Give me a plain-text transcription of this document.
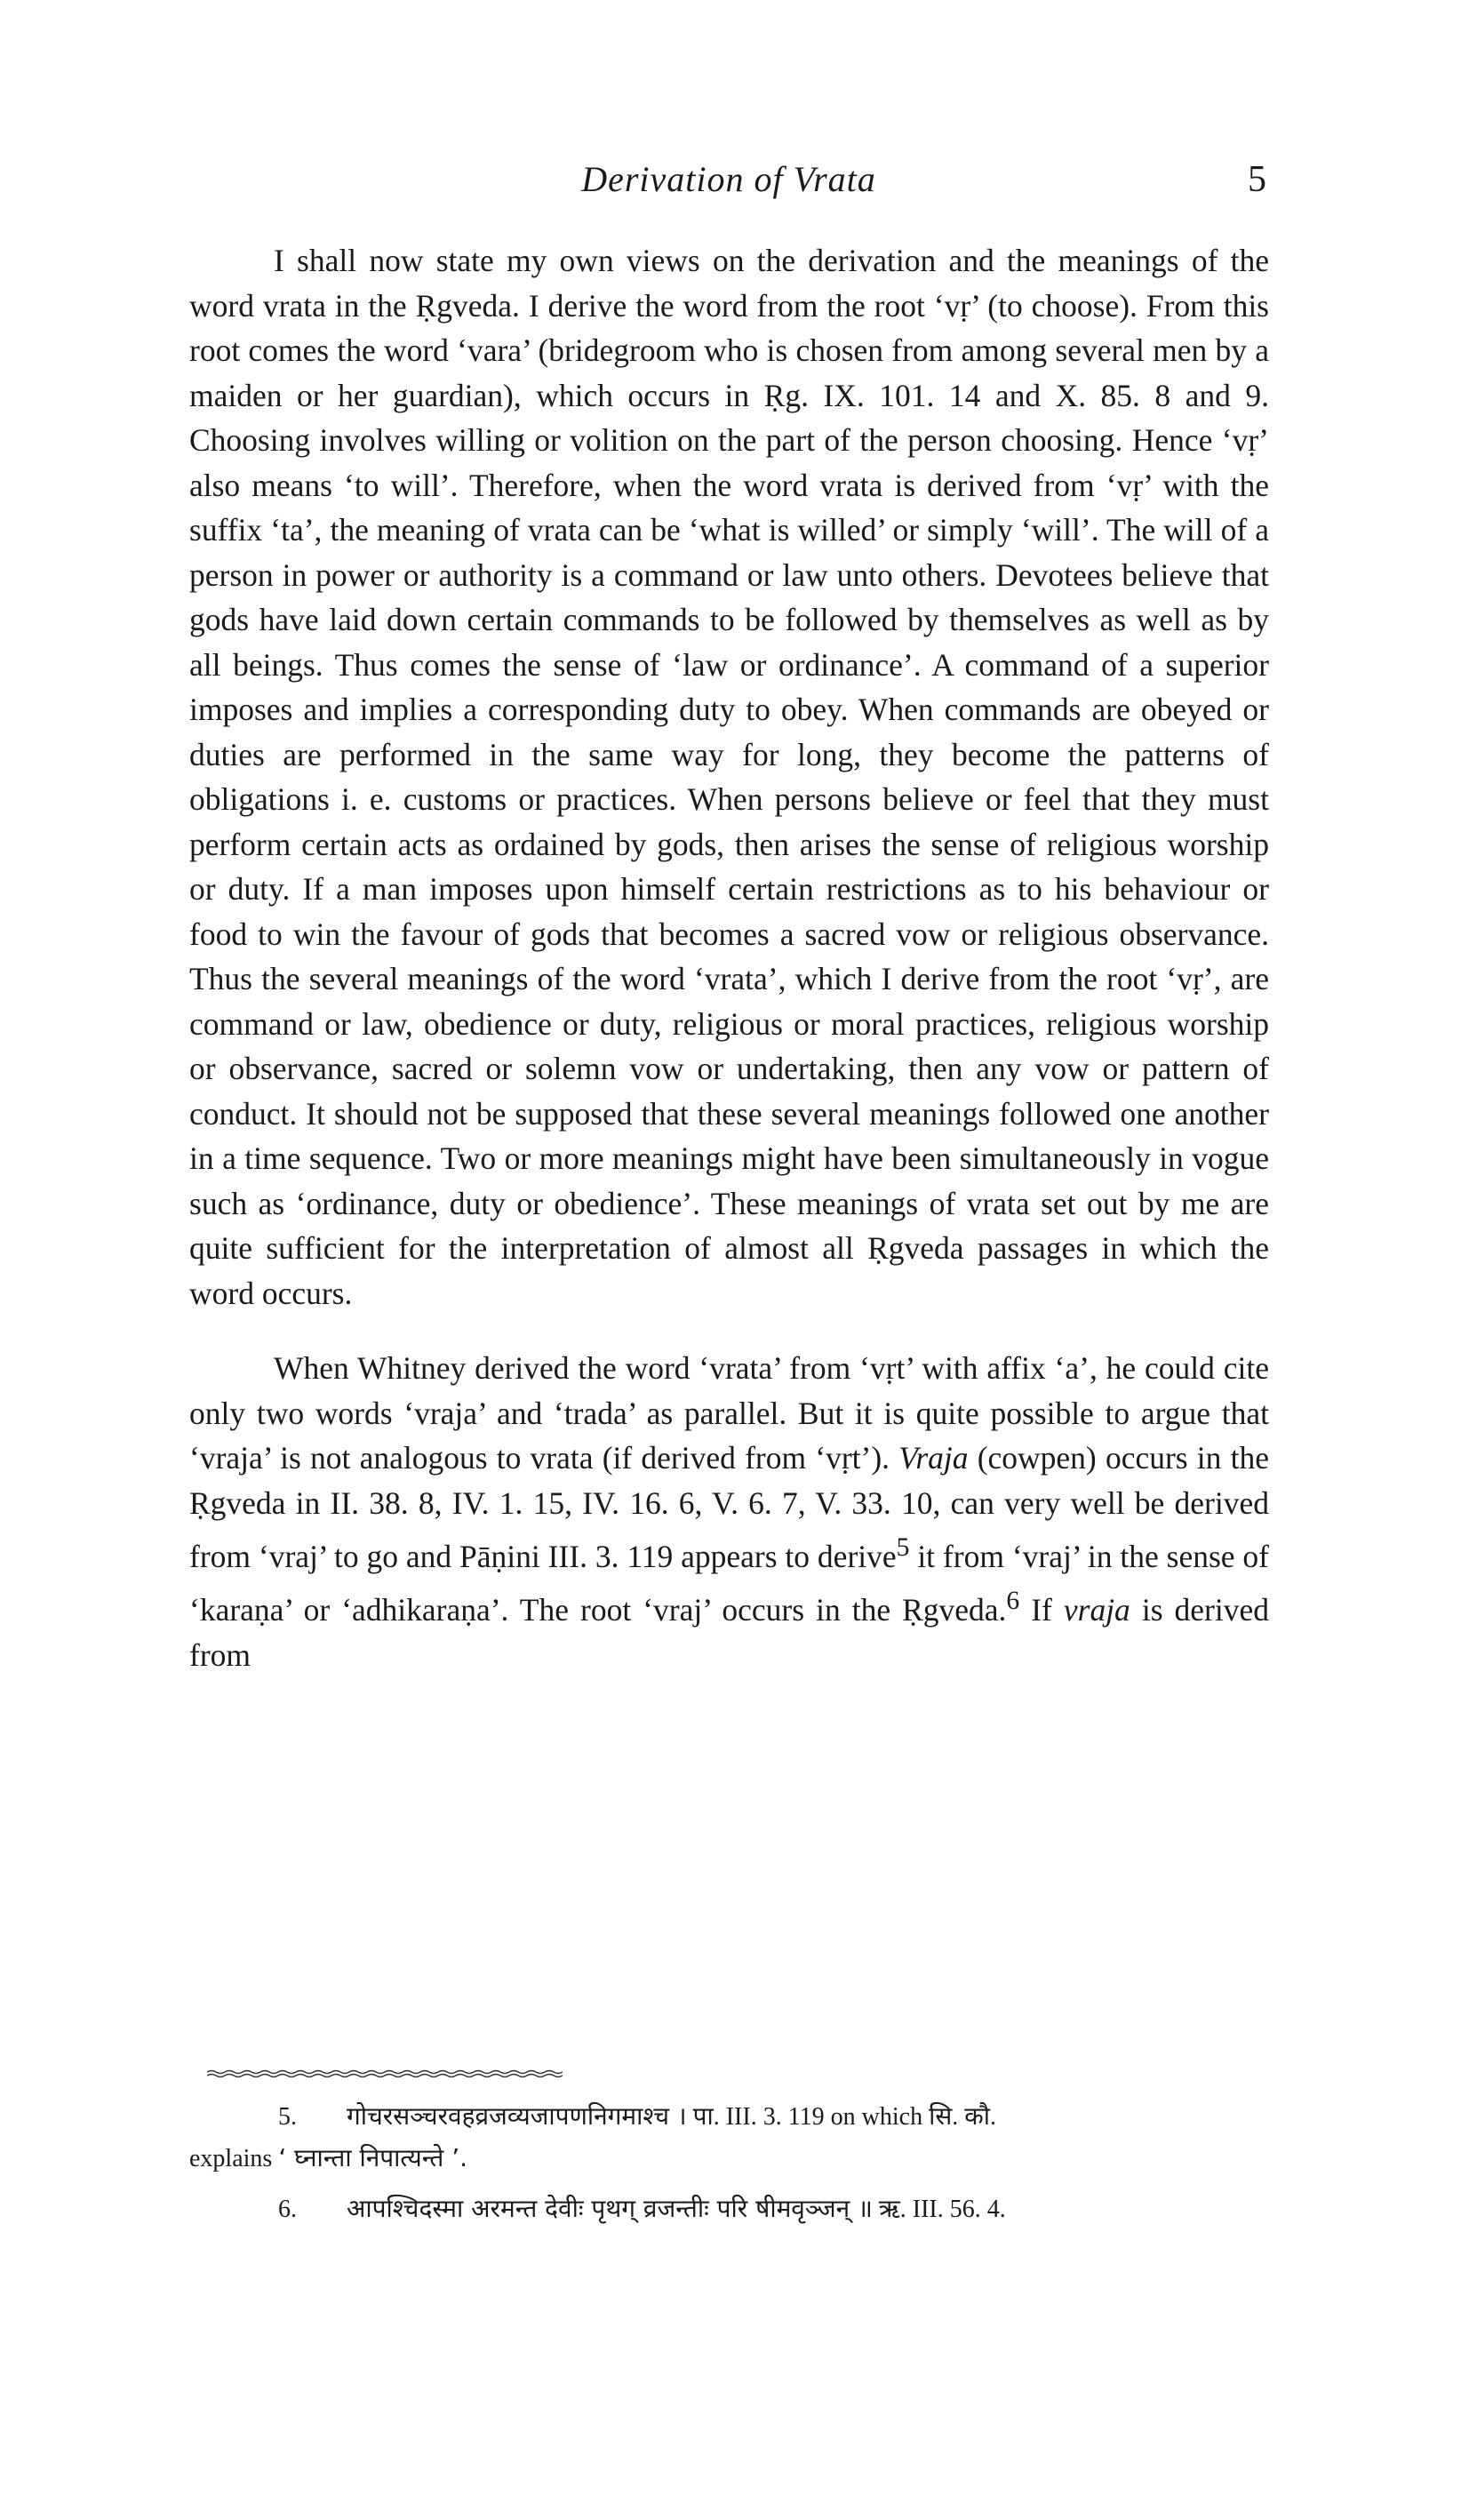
Derivation of Vrata	5

I shall now state my own views on the derivation and the meanings of the word vrata in the Ṛgveda. I derive the word from the root ‘vṛ’ (to choose). From this root comes the word ‘vara’ (bridegroom who is chosen from among several men by a maiden or her guardian), which occurs in Ṛg. IX. 101. 14 and X. 85. 8 and 9. Choosing involves willing or volition on the part of the person choosing. Hence ‘vṛ’ also means ‘to will’. Therefore, when the word vrata is derived from ‘vṛ’ with the suffix ‘ta’, the meaning of vrata can be ‘what is willed’ or simply ‘will’. The will of a person in power or authority is a command or law unto others. Devotees believe that gods have laid down certain commands to be followed by themselves as well as by all beings. Thus comes the sense of ‘law or ordinance’. A command of a superior imposes and implies a corresponding duty to obey. When commands are obeyed or duties are performed in the same way for long, they become the patterns of obligations i. e. customs or practices. When persons believe or feel that they must perform certain acts as ordained by gods, then arises the sense of religious worship or duty. If a man imposes upon himself certain restrictions as to his behaviour or food to win the favour of gods that becomes a sacred vow or religious observance. Thus the several meanings of the word ‘vrata’, which I derive from the root ‘vṛ’, are command or law, obedience or duty, religious or moral practices, religious worship or observance, sacred or solemn vow or undertaking, then any vow or pattern of conduct. It should not be supposed that these several meanings followed one another in a time sequence. Two or more meanings might have been simultaneously in vogue such as ‘ordinance, duty or obedience’. These meanings of vrata set out by me are quite sufficient for the interpretation of almost all Ṛgveda passages in which the word occurs.

When Whitney derived the word ‘vrata’ from ‘vṛt’ with affix ‘a’, he could cite only two words ‘vraja’ and ‘trada’ as parallel. But it is quite possible to argue that ‘vraja’ is not analogous to vrata (if derived from ‘vṛt’). Vraja (cowpen) occurs in the Ṛgveda in II. 38. 8, IV. 1. 15, IV. 16. 6, V. 6. 7, V. 33. 10, can very well be derived from ‘vraj’ to go and Pāṇini III. 3. 119 appears to derive$^5$ it from ‘vraj’ in the sense of ‘karaṇa’ or ‘adhikaraṇa’. The root ‘vraj’ occurs in the Ṛgveda.$^6$ If vraja is derived from

5. गोचरसञ्चरवहव्रजव्यजापणनिगमाश्च । पा. III. 3. 119 on which सि. कौ.

explains ‘ घ्नान्ता निपात्यन्ते ’.

6. आपश्चिदस्मा अरमन्त देवीः पृथग् व्रजन्तीः परि षीमवृञ्जन् ॥ ऋ. III. 56. 4.
